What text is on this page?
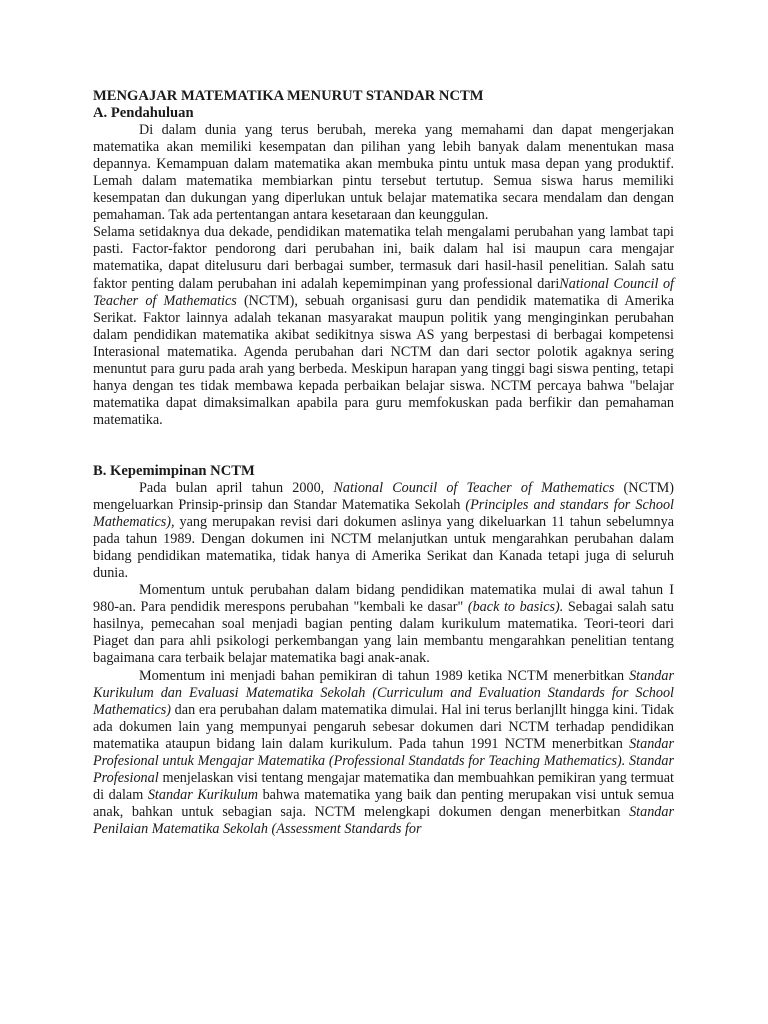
MENGAJAR MATEMATIKA MENURUT STANDAR NCTM
A. Pendahuluan

Di dalam dunia yang terus berubah, mereka yang memahami dan dapat mengerjakan matematika akan memiliki kesempatan dan pilihan yang lebih banyak dalam menentukan masa depannya. Kemampuan dalam matematika akan membuka pintu untuk masa depan yang produktif. Lemah dalam matematika membiarkan pintu tersebut tertutup. Semua siswa harus memiliki kesempatan dan dukungan yang diperlukan untuk belajar matematika secara mendalam dan dengan pemahaman. Tak ada pertentangan antara kesetaraan dan keunggulan.

Selama setidaknya dua dekade, pendidikan matematika telah mengalami perubahan yang lambat tapi pasti. Factor-faktor pendorong dari perubahan ini, baik dalam hal isi maupun cara mengajar matematika, dapat ditelusuru dari berbagai sumber, termasuk dari hasil-hasil penelitian. Salah satu faktor penting dalam perubahan ini adalah kepemimpinan yang professional dariNational Council of Teacher of Mathematics (NCTM), sebuah organisasi guru dan pendidik matematika di Amerika Serikat. Faktor lainnya adalah tekanan masyarakat maupun politik yang menginginkan perubahan dalam pendidikan matematika akibat sedikitnya siswa AS yang berpestasi di berbagai kompetensi Interasional matematika. Agenda perubahan dari NCTM dan dari sector polotik agaknya sering menuntut para guru pada arah yang berbeda. Meskipun harapan yang tinggi bagi siswa penting, tetapi hanya dengan tes tidak membawa kepada perbaikan belajar siswa. NCTM percaya bahwa "belajar matematika dapat dimaksimalkan apabila para guru memfokuskan pada berfikir dan pemahaman matematika.

B. Kepemimpinan NCTM

Pada bulan april tahun 2000, National Council of Teacher of Mathematics (NCTM) mengeluarkan Prinsip-prinsip dan Standar Matematika Sekolah (Principles and standars for School Mathematics), yang merupakan revisi dari dokumen aslinya yang dikeluarkan 11 tahun sebelumnya pada tahun 1989. Dengan dokumen ini NCTM melanjutkan untuk mengarahkan perubahan dalam bidang pendidikan matematika, tidak hanya di Amerika Serikat dan Kanada tetapi juga di seluruh dunia.

Momentum untuk perubahan dalam bidang pendidikan matematika mulai di awal tahun I 980-an. Para pendidik merespons perubahan "kembali ke dasar" (back to basics). Sebagai salah satu hasilnya, pemecahan soal menjadi bagian penting dalam kurikulum matematika. Teori-teori dari Piaget dan para ahli psikologi perkembangan yang lain membantu mengarahkan penelitian tentang bagaimana cara terbaik belajar matematika bagi anak-anak.

Momentum ini menjadi bahan pemikiran di tahun 1989 ketika NCTM menerbitkan Standar Kurikulum dan Evaluasi Matematika Sekolah (Curriculum and Evaluation Standards for School Mathematics) dan era perubahan dalam matematika dimulai. Hal ini terus berlanjllt hingga kini. Tidak ada dokumen lain yang mempunyai pengaruh sebesar dokumen dari NCTM terhadap pendidikan matematika ataupun bidang lain dalam kurikulum. Pada tahun 1991 NCTM menerbitkan Standar Profesional untuk Mengajar Matematika (Professional Standatds for Teaching Mathematics). Standar Profesional menjelaskan visi tentang mengajar matematika dan membuahkan pemikiran yang termuat di dalam Standar Kurikulum bahwa matematika yang baik dan penting merupakan visi untuk semua anak, bahkan untuk sebagian saja. NCTM melengkapi dokumen dengan menerbitkan Standar Penilaian Matematika Sekolah (Assessment Standards for
